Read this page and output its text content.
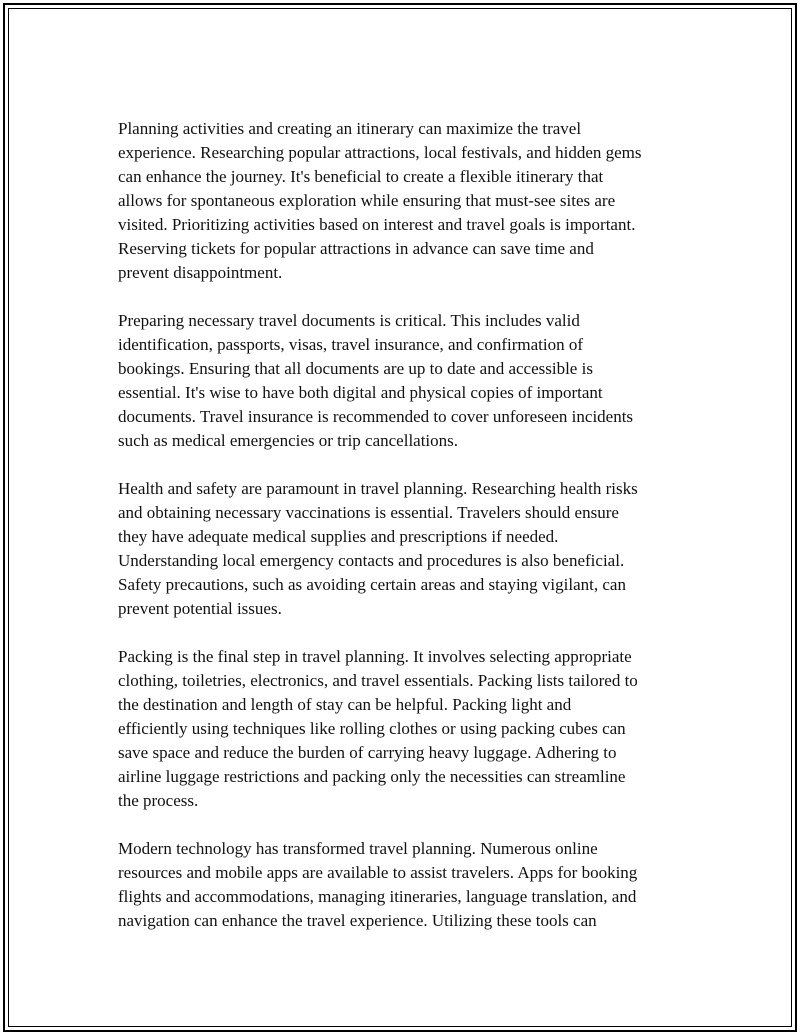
Planning activities and creating an itinerary can maximize the travel
experience. Researching popular attractions, local festivals, and hidden gems
can enhance the journey. It's beneficial to create a flexible itinerary that
allows for spontaneous exploration while ensuring that must-see sites are
visited. Prioritizing activities based on interest and travel goals is important.
Reserving tickets for popular attractions in advance can save time and
prevent disappointment.

Preparing necessary travel documents is critical. This includes valid
identification, passports, visas, travel insurance, and confirmation of
bookings. Ensuring that all documents are up to date and accessible is
essential. It's wise to have both digital and physical copies of important
documents. Travel insurance is recommended to cover unforeseen incidents
such as medical emergencies or trip cancellations.

Health and safety are paramount in travel planning. Researching health risks
and obtaining necessary vaccinations is essential. Travelers should ensure
they have adequate medical supplies and prescriptions if needed.
Understanding local emergency contacts and procedures is also beneficial.
Safety precautions, such as avoiding certain areas and staying vigilant, can
prevent potential issues.

Packing is the final step in travel planning. It involves selecting appropriate
clothing, toiletries, electronics, and travel essentials. Packing lists tailored to
the destination and length of stay can be helpful. Packing light and
efficiently using techniques like rolling clothes or using packing cubes can
save space and reduce the burden of carrying heavy luggage. Adhering to
airline luggage restrictions and packing only the necessities can streamline
the process.

Modern technology has transformed travel planning. Numerous online
resources and mobile apps are available to assist travelers. Apps for booking
flights and accommodations, managing itineraries, language translation, and
navigation can enhance the travel experience. Utilizing these tools can
